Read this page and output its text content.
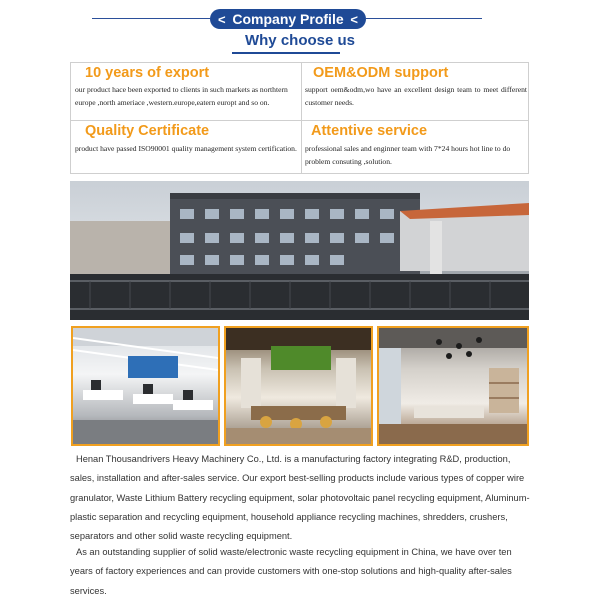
< Company Profile <
Why choose us
10 years of export
our product hace been exported to clients in such markets as northtern europe ,north ameriace ,western.europe,eatern europt and so on.
OEM&ODM support
support oem&odm,wo have an excellent design team to meet different customer needs.
Quality Certificate
product have passed ISO90001 quality management system certification.
Attentive service
professional sales and enginner team with 7*24 hours hot line to do problem consuting ,solution.

Henan Thousandrivers Heavy Machinery Co., Ltd. is a manufacturing factory integrating R&D, production, sales, installation and after-sales service. Our export best-selling products include various types of copper wire granulator, Waste Lithium Battery recycling equipment, solar photovoltaic panel recycling equipment, Aluminum-plastic separation and recycling equipment, household appliance recycling machines, shredders, crushers, separators and other solid waste recycling equipment.

As an outstanding supplier of solid waste/electronic waste recycling equipment in China, we have over ten years of factory experiences and can provide customers with one-stop solutions and high-quality after-sales services.
